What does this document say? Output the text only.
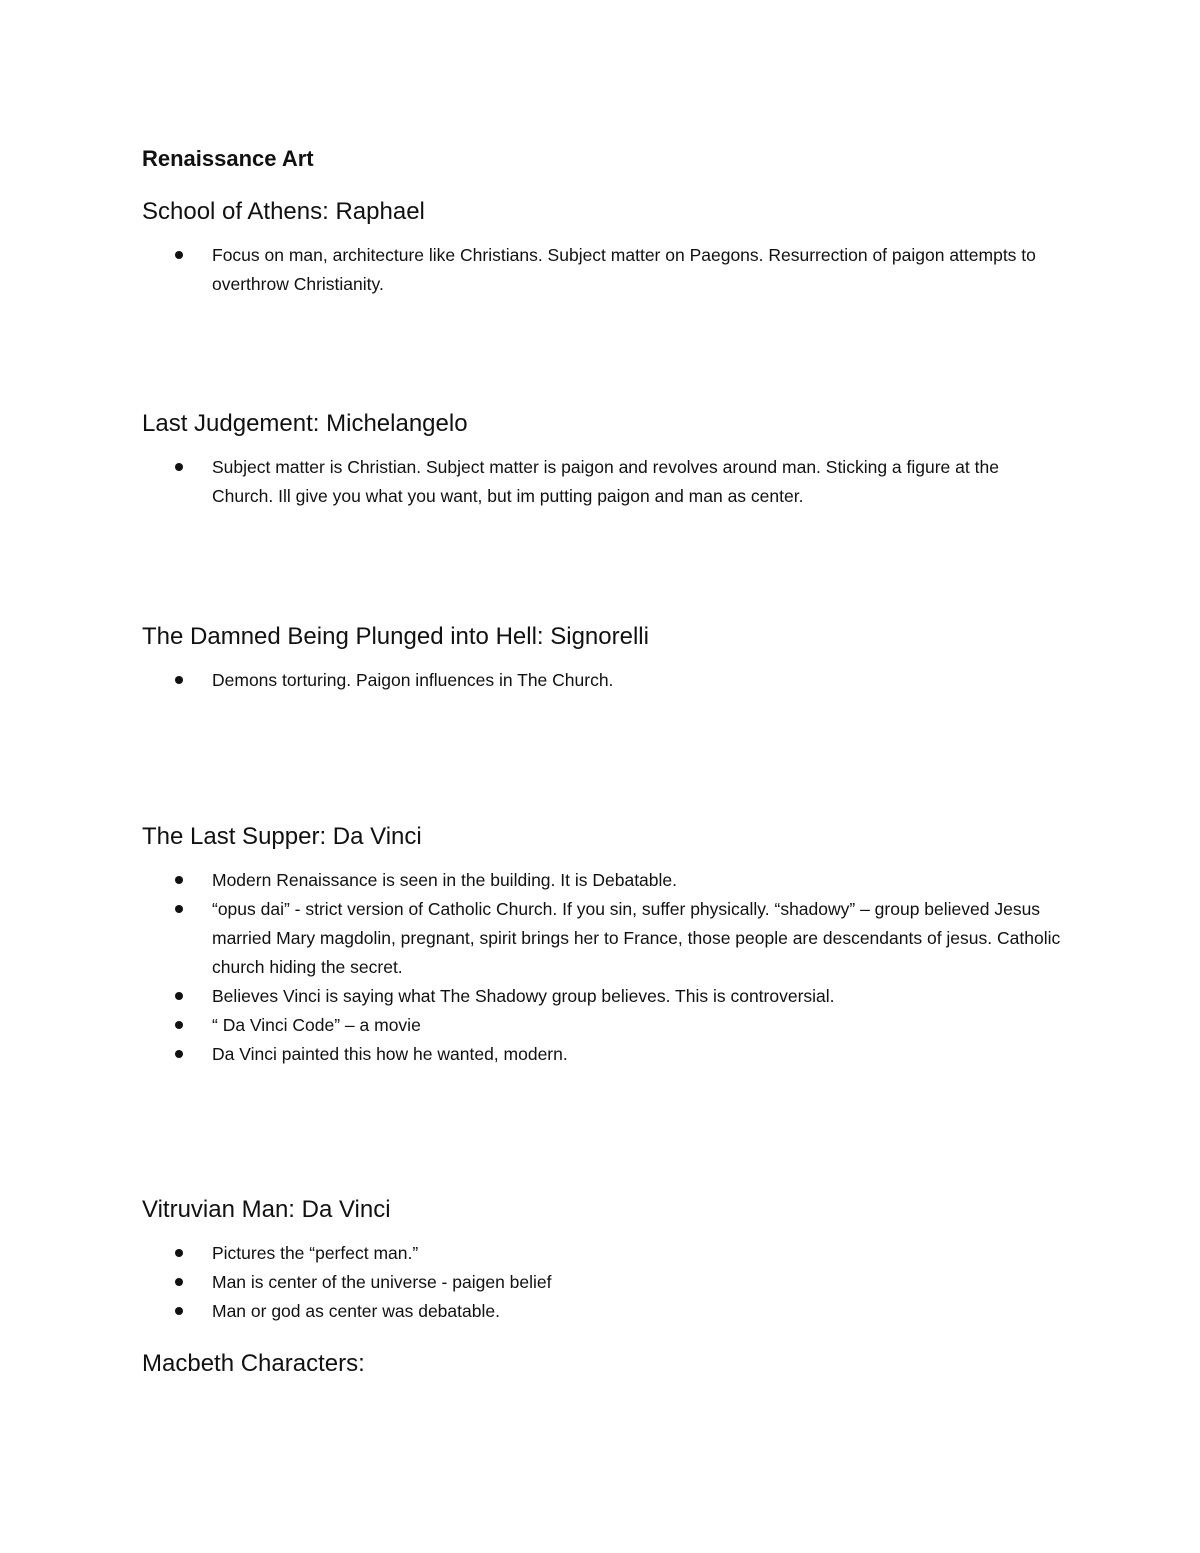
Renaissance Art
School of Athens: Raphael
Focus on man, architecture like Christians. Subject matter on Paegons. Resurrection of paigon attempts to overthrow Christianity.
Last Judgement: Michelangelo
Subject matter is Christian. Subject matter is paigon and revolves around man. Sticking a figure at the Church. Ill give you what you want, but im putting paigon and man as center.
The Damned Being Plunged into Hell: Signorelli
Demons torturing. Paigon influences in The Church.
The Last Supper: Da Vinci
Modern Renaissance is seen in the building. It is Debatable.
“opus dai” - strict version of Catholic Church. If you sin, suffer physically. “shadowy” – group believed Jesus married Mary magdolin, pregnant, spirit brings her to France, those people are descendants of jesus. Catholic church hiding the secret.
Believes Vinci is saying what The Shadowy group believes. This is controversial.
“ Da Vinci Code” – a movie
Da Vinci painted this how he wanted, modern.
Vitruvian Man: Da Vinci
Pictures the “perfect man.”
Man is center of the universe - paigen belief
Man or god as center was debatable.
Macbeth Characters:
